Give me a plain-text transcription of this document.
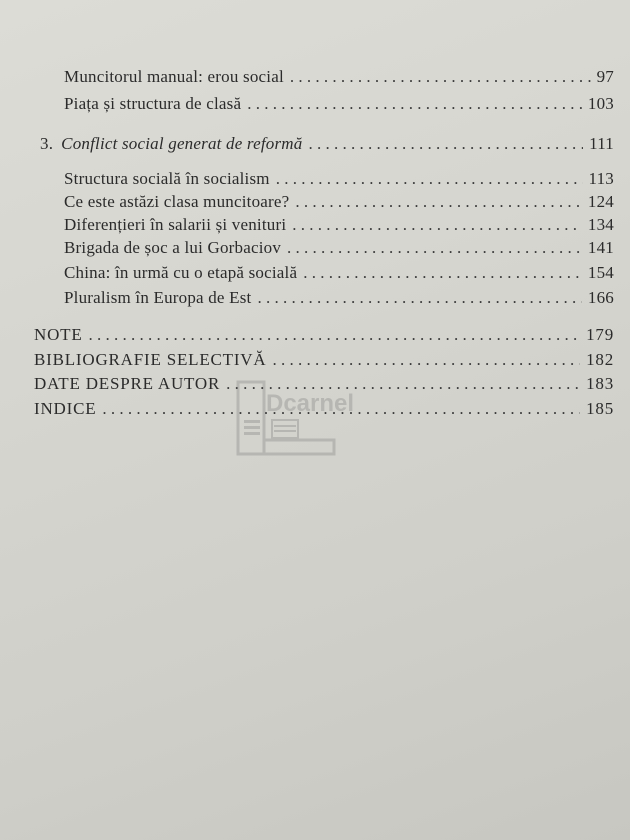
Muncitorul manual: erou social . . .	97
Piața și structura de clasă . . .	103
3. Conflict social generat de reformă . . .	111
Structura socială în socialism . . .	113
Ce este astăzi clasa muncitoare? . . .	124
Diferențieri în salarii și venituri . . .	134
Brigada de șoc a lui Gorbaciov . . .	141
China: în urmă cu o etapă socială . . .	154
Pluralism în Europa de Est . . .	166
NOTE . . .	179
BIBLIOGRAFIE SELECTIVĂ . . .	182
DATE DESPRE AUTOR . . .	183
INDICE . . .	185
Dcarnel
